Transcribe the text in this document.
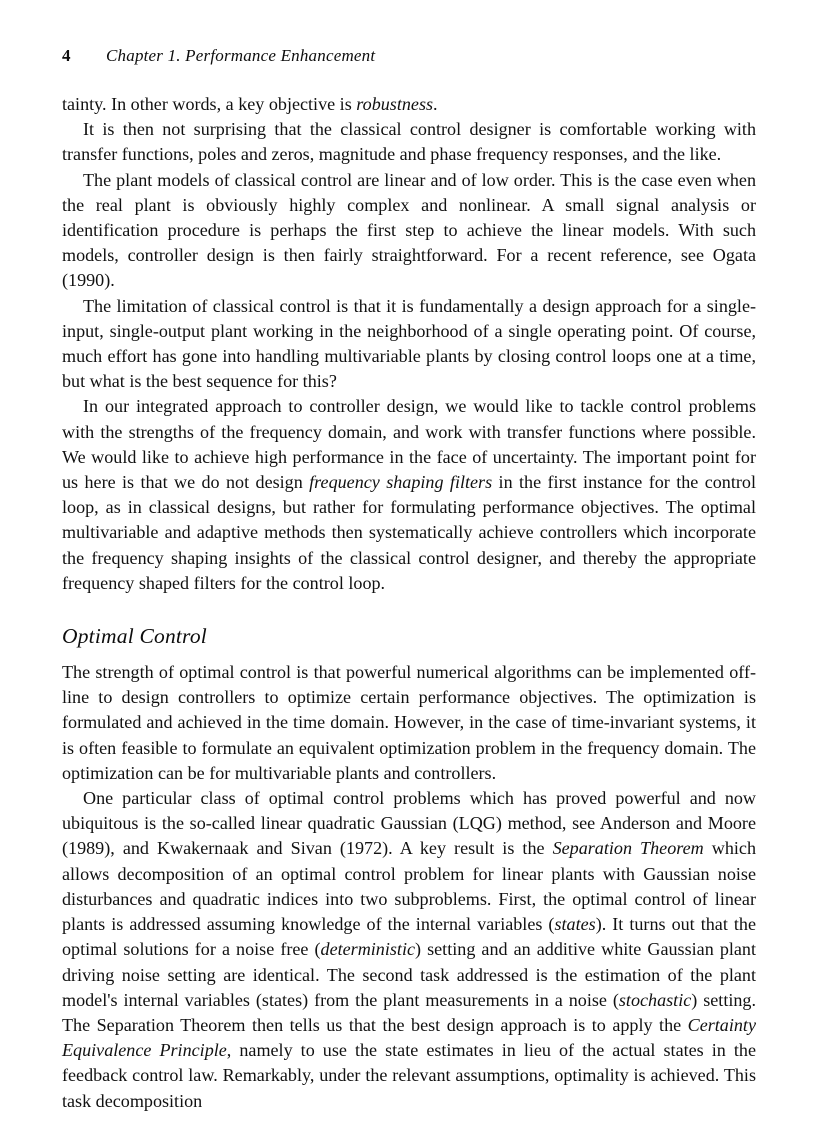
4	Chapter 1. Performance Enhancement

tainty. In other words, a key objective is robustness.

It is then not surprising that the classical control designer is comfortable working with transfer functions, poles and zeros, magnitude and phase frequency responses, and the like.

The plant models of classical control are linear and of low order. This is the case even when the real plant is obviously highly complex and nonlinear. A small signal analysis or identification procedure is perhaps the first step to achieve the linear models. With such models, controller design is then fairly straightforward. For a recent reference, see Ogata (1990).

The limitation of classical control is that it is fundamentally a design approach for a single-input, single-output plant working in the neighborhood of a single operating point. Of course, much effort has gone into handling multivariable plants by closing control loops one at a time, but what is the best sequence for this?

In our integrated approach to controller design, we would like to tackle control problems with the strengths of the frequency domain, and work with transfer functions where possible. We would like to achieve high performance in the face of uncertainty. The important point for us here is that we do not design frequency shaping filters in the first instance for the control loop, as in classical designs, but rather for formulating performance objectives. The optimal multivariable and adaptive methods then systematically achieve controllers which incorporate the frequency shaping insights of the classical control designer, and thereby the appropriate frequency shaped filters for the control loop.

Optimal Control

The strength of optimal control is that powerful numerical algorithms can be implemented off-line to design controllers to optimize certain performance objectives. The optimization is formulated and achieved in the time domain. However, in the case of time-invariant systems, it is often feasible to formulate an equivalent optimization problem in the frequency domain. The optimization can be for multivariable plants and controllers.

One particular class of optimal control problems which has proved powerful and now ubiquitous is the so-called linear quadratic Gaussian (LQG) method, see Anderson and Moore (1989), and Kwakernaak and Sivan (1972). A key result is the Separation Theorem which allows decomposition of an optimal control problem for linear plants with Gaussian noise disturbances and quadratic indices into two subproblems. First, the optimal control of linear plants is addressed assuming knowledge of the internal variables (states). It turns out that the optimal solutions for a noise free (deterministic) setting and an additive white Gaussian plant driving noise setting are identical. The second task addressed is the estimation of the plant model's internal variables (states) from the plant measurements in a noise (stochastic) setting. The Separation Theorem then tells us that the best design approach is to apply the Certainty Equivalence Principle, namely to use the state estimates in lieu of the actual states in the feedback control law. Remarkably, under the relevant assumptions, optimality is achieved. This task decomposition
